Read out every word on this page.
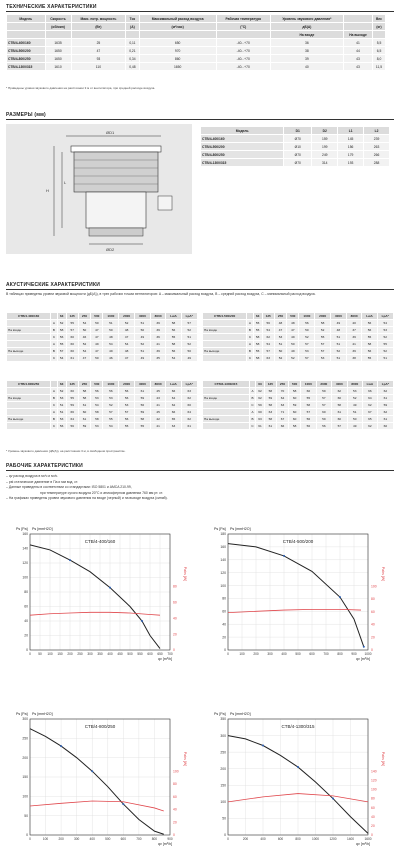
ТЕХНИЧЕСКИЕ ХАРАКТЕРИСТИКИ
Модель	Скорость	Макс. потр. мощность	Ток	Максимальный расход воздуха	Рабочая температура	Уровень звукового давления*		Вес
	(об/мин)	(Вт)	(A)	(м³/час)	(°C)	дБ(A)		(кг)
						На входе	На выходе	
CTB/4-400/160	1635	25	0,11	650	-40...+70	36	41	5,5
CTB/4-500/200	1650	47	0,21	970	-40...+70	38	44	6,5
CTB/4-800/250	1650	93	0,34	860	-40...+70	39	43	8,0
CTB/4-1300/315	1610	110	0,48	1650	-40...+70	40	43	11,5
* Приведены уровни звукового давления на расстоянии 3 м от вентилятора, при средней расходе воздуха.
РАЗМЕРЫ (мм)
ØD1
ØD2
H
L
Модель	D1	D2	L1	L2
CTB/4-400/160	Ø70	159	145	239
CTB/4-500/200	Ø10	199	156	263
CTB/4-800/250	Ø70	249	179	266
CTB/4-1300/315	Ø70	314	193	288
АКУСТИЧЕСКИЕ ХАРАКТЕРИСТИКИ
В таблицах приведены уровни звуковой мощности (дБ(A)), в трех рабочих точках вентиляторов: A – максимальный расход воздуха, B – средний расход воздуха, C – минимальный расход воздуха.
CTB/4-400/160		63	125	250	500	1000	2000	4000	8000	LwA	LpA*
	A	52	55	54	50	51	52	51	39	58	57
На входе	B	58	57	50	47	50	48	50	39	56	52
	C	56	60	46	47	48	47	49	36	55	51
	A	55	60	52	49	54	54	52	41	58	52
На выходе	B	57	60	54	47	49	48	51	39	56	50
	C	54	61	47	50	46	47	49	35	54	49
CTB/4-500/200		63	125	250	500	1000	2000	4000	8000	LwA	LpA*
	A	55	56	48	48	56	58	49	40	56	54
На входе	B	55	54	47	47	50	52	48	37	56	53
	C	58	62	53	49	52	55	51	39	55	52
	A	58	54	51	50	57	57	51	41	58	55
На выходе	B	55	57	50	49	53	57	52	39	56	52
	C	58	63	52	52	57	53	51	38	55	51
CTB/4-800/250		63	125	250	500	1000	2000	4000	8000	LwA	LpA*
	A	52	60	58	56	56	56	61	45	66	63
На входе	B	53	55	58	53	53	56	59	43	64	62
	C	51	59	61	54	52	53	56	41	62	60
	A	51	66	60	58	57	57	59	45	66	64
На выходе	B	53	64	61	58	55	56	58	42	65	62
	C	56	56	59	53	54	55	55	41	63	61
CTB/4-1300/315		63	125	250	500	1000	2000	4000	8000	LwA	LpA*
	A	62	58	70	58	60	59	62	53	66	62
На входе	B	62	59	64	60	55	57	60	52	64	61
	C	59	58	63	59	58	57	58	49	62	59
	A	60	63	71	60	57	60	61	51	67	62
На выходе	B	63	58	67	60	56	59	60	50	65	61
	C	61	61	66	58	56	56	57	49	62	60
* Уровень звукового давления (дБ(A)), на расстоянии 3 м, в свободном пространстве.
РАБОЧИЕ ХАРАКТЕРИСТИКИ
– qv расход воздуха в м³/ч и м³/с.
– pst статическое давление в Па и мм вод. ст.
– Данные приведены в соответствии со стандартами: ISO 5801 и AMCA 210-99,
при температуре сухого воздуха 20°C и атмосферном давлении 760 мм рт. ст.
– На графиках приведены уровни звукового давления на входе (черный) и на выходе воздуха (синий).
0
20
40
60
80
100
120
140
160
0 50 100 150 200 250 300 350 400 450 500 550 600 650 700
0
20
40
60
80
CTB/4-400/160
Ps [Pa] Ps [mmH2O]
qv [m³/h]
Pabs [W]
0
20
40
60
80
100
120
140
160
180
0	100	200	300	400	500	600	700	800	900 1000
0
20
40
60
80
100
CTB/4-500/200
Ps [Pa] Ps [mmH2O]
qv [m³/h]
Pabs [W]
0
50
100
150
200
250
300
0	100	200	300	400	500	600	700	800	900
0
20
40
60
80
100
CTB/4-800/250
Ps [Pa] Ps [mmH2O]
qv [m³/h]
Pabs [W]
0
50
100
150
200
250
300
350
0	200	400	600	800	1000	1200	1400	1600
0
20
40
60
80
100
120
140
CTB/4-1300/315
Ps [Pa] Ps [mmH2O]
qv [m³/h]
Pabs [W]
